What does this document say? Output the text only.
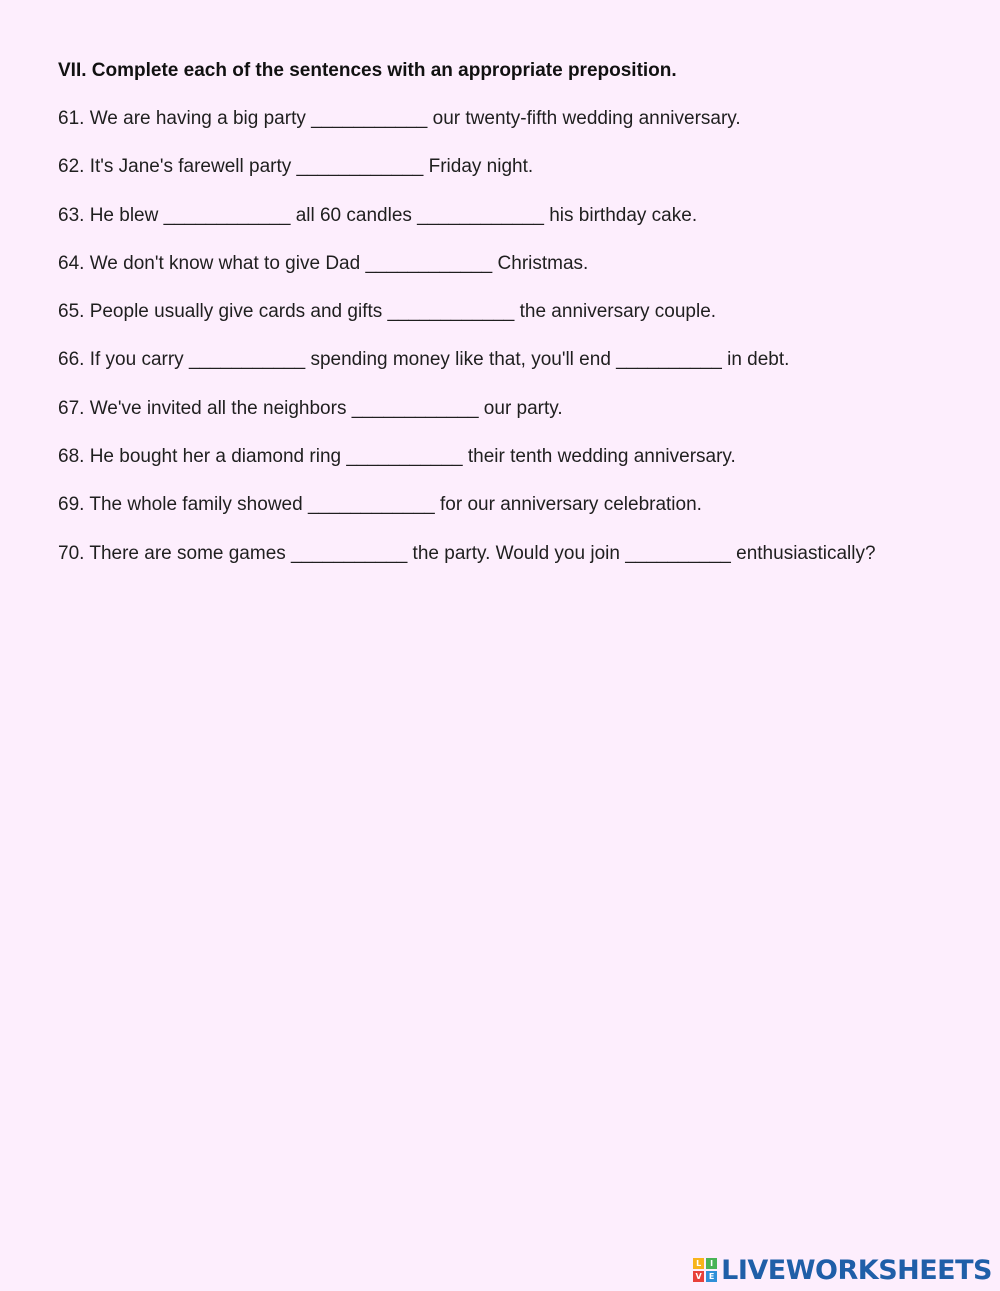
VII. Complete each of the sentences with an appropriate preposition.
61. We are having a big party ___________ our twenty-fifth wedding anniversary.
62. It's Jane's farewell party ____________ Friday night.
63. He blew ____________ all 60 candles ____________ his birthday cake.
64. We don't know what to give Dad ____________ Christmas.
65. People usually give cards and gifts ____________ the anniversary couple.
66. If you carry ___________ spending money like that, you'll end __________ in debt.
67. We've invited all the neighbors ____________ our party.
68. He bought her a diamond ring ___________ their tenth wedding anniversary.
69. The whole family showed ____________ for our anniversary celebration.
70. There are some games ___________ the party. Would you join __________ enthusiastically?
L	I
V E LIVEWORKSHEETS
